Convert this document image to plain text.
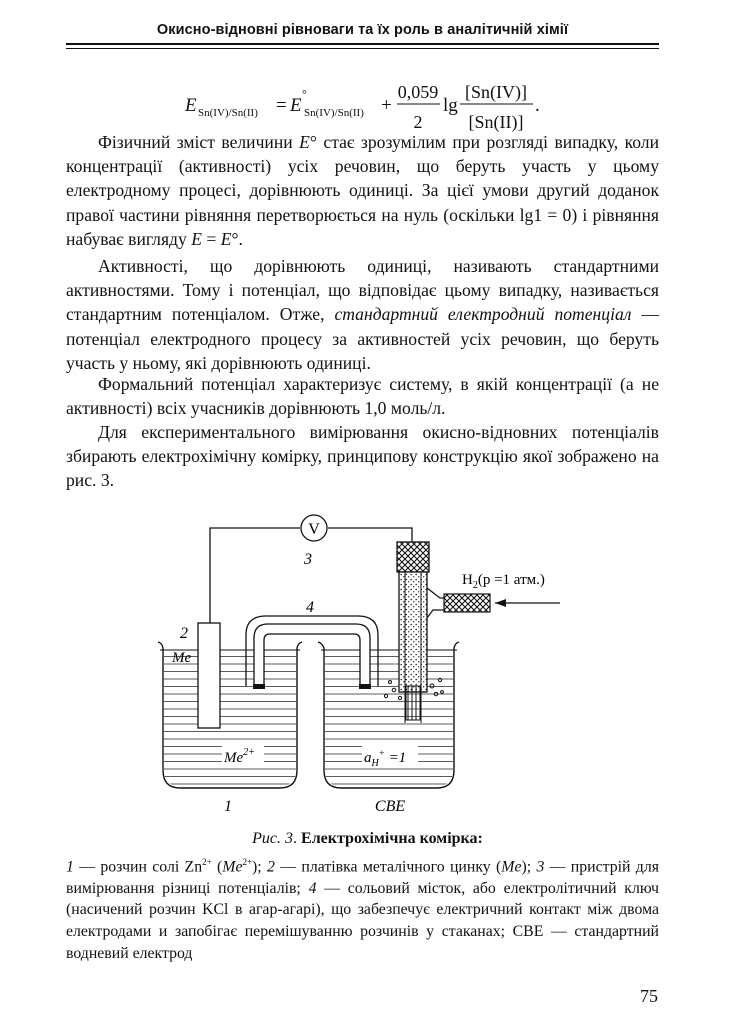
Окисно-відновні рівноваги та їх роль в аналітичній хімії
E Sn(IV)/Sn(II) = E
°
Sn(IV)/Sn(II) +
0,059
2
lg
[Sn(IV)]
[Sn(II)]
.

Фізичний зміст величини E° стає зрозумілим при розгляді випадку, коли концентрації (активності) усіх речовин, що беруть участь у цьому електродному процесі, дорівнюють одиниці. За цієї умови другий доданок правої частини рівняння перетворюється на нуль (оскільки lg1 = 0) і рівняння набуває вигляду E = E°.

Активності, що дорівнюють одиниці, називають стандартними активностями. Тому і потенціал, що відповідає цьому випадку, називається стандартним потенціалом. Отже, стандартний електродний потенціал — потенціал електродного процесу за активностей усіх речовин, що беруть участь у ньому, які дорівнюють одиниці.

Формальний потенціал характеризує систему, в якій концентрації (а не активності) всіх учасників дорівнюють 1,0 моль/л.

Для експериментального вимірювання окисно-відновних потенціалів збирають електрохімічну комірку, принципову конструкцію якої зображено на рис. 3.

V
3
2
Me
4
$H_2(p =1$ атм.)
$Me^{2+}$	$a_H^+ =1$
1	СВЕ
Рис. 3. Електрохімічна комірка:

1 — розчин солі $Zn^{2+}$ $(Me^{2+})$; 2 — платівка металічного цинку (Me); 3 — пристрій для вимірювання різниці потенціалів; 4 — сольовий місток, або електролітичний ключ (насичений розчин KCl в агар-агарі), що забезпечує електричний контакт між двома електродами и запобігає перемішуванню розчинів у стаканах; СВЕ — стандартний водневий електрод

75
